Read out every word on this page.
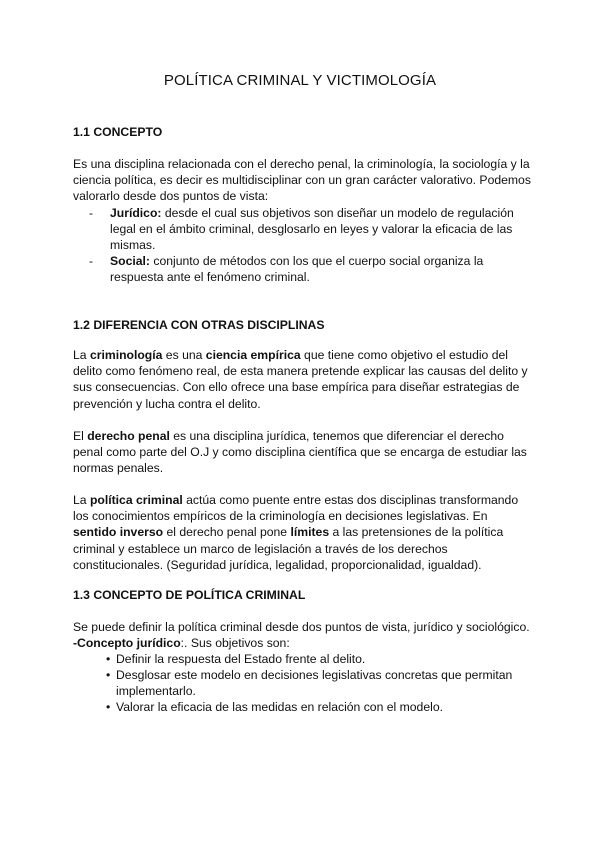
POLÍTICA CRIMINAL Y VICTIMOLOGÍA
1.1 CONCEPTO

Es una disciplina relacionada con el derecho penal, la criminología, la sociología y la ciencia política, es decir es multidisciplinar con un gran carácter valorativo. Podemos valorarlo desde dos puntos de vista:

- Jurídico: desde el cual sus objetivos son diseñar un modelo de regulación legal en el ámbito criminal, desglosarlo en leyes y valorar la eficacia de las mismas.
- Social: conjunto de métodos con los que el cuerpo social organiza la respuesta ante el fenómeno criminal.
1.2 DIFERENCIA CON OTRAS DISCIPLINAS

La criminología es una ciencia empírica que tiene como objetivo el estudio del delito como fenómeno real, de esta manera pretende explicar las causas del delito y sus consecuencias. Con ello ofrece una base empírica para diseñar estrategias de prevención y lucha contra el delito.

El derecho penal es una disciplina jurídica, tenemos que diferenciar el derecho penal como parte del O.J y como disciplina científica que se encarga de estudiar las normas penales.

La política criminal actúa como puente entre estas dos disciplinas transformando los conocimientos empíricos de la criminología en decisiones legislativas. En sentido inverso el derecho penal pone límites a las pretensiones de la política criminal y establece un marco de legislación a través de los derechos constitucionales. (Seguridad jurídica, legalidad, proporcionalidad, igualdad).

1.3 CONCEPTO DE POLÍTICA CRIMINAL

Se puede definir la política criminal desde dos puntos de vista, jurídico y sociológico.

-Concepto jurídico:. Sus objetivos son:

• Definir la respuesta del Estado frente al delito.
• Desglosar este modelo en decisiones legislativas concretas que permitan implementarlo.
• Valorar la eficacia de las medidas en relación con el modelo.
